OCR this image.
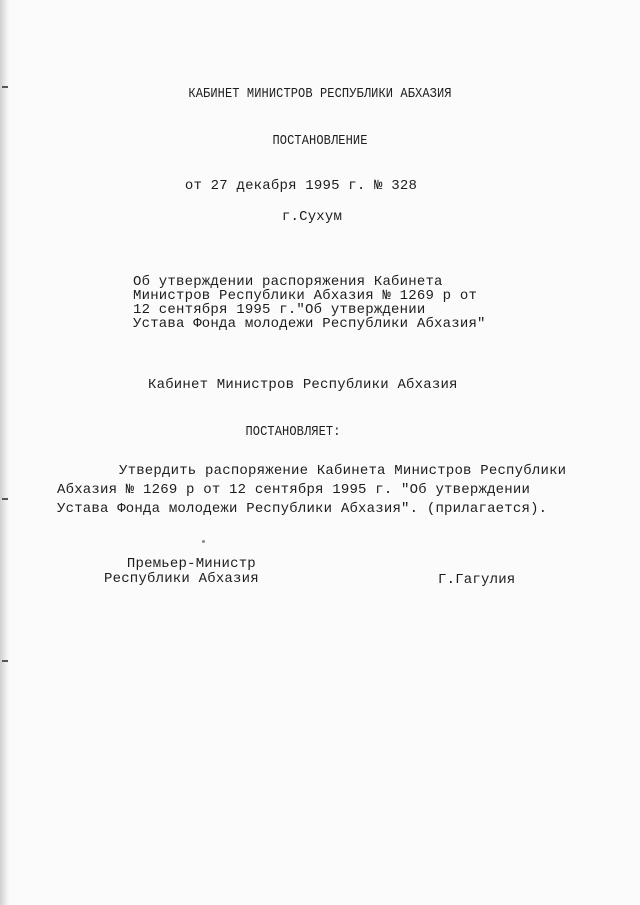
КАБИНЕТ МИНИСТРОВ РЕСПУБЛИКИ АБХАЗИЯ
ПОСТАНОВЛЕНИЕ
от 27 декабря 1995 г. № 328
г.Сухум
Об утверждении распоряжения Кабинета
Министров Республики Абхазия № 1269 р от
12 сентября 1995 г."Об утверждении
Устава Фонда молодежи Республики Абхазия"
Кабинет Министров Республики Абхазия
ПОСТАНОВЛЯЕТ:
Утвердить распоряжение Кабинета Министров Республики Абхазия № 1269 р от 12 сентября 1995 г. "Об утверждении Устава Фонда молодежи Республики Абхазия". (прилагается).
Премьер-Министр
Республики Абхазия	Г.Гагулия
